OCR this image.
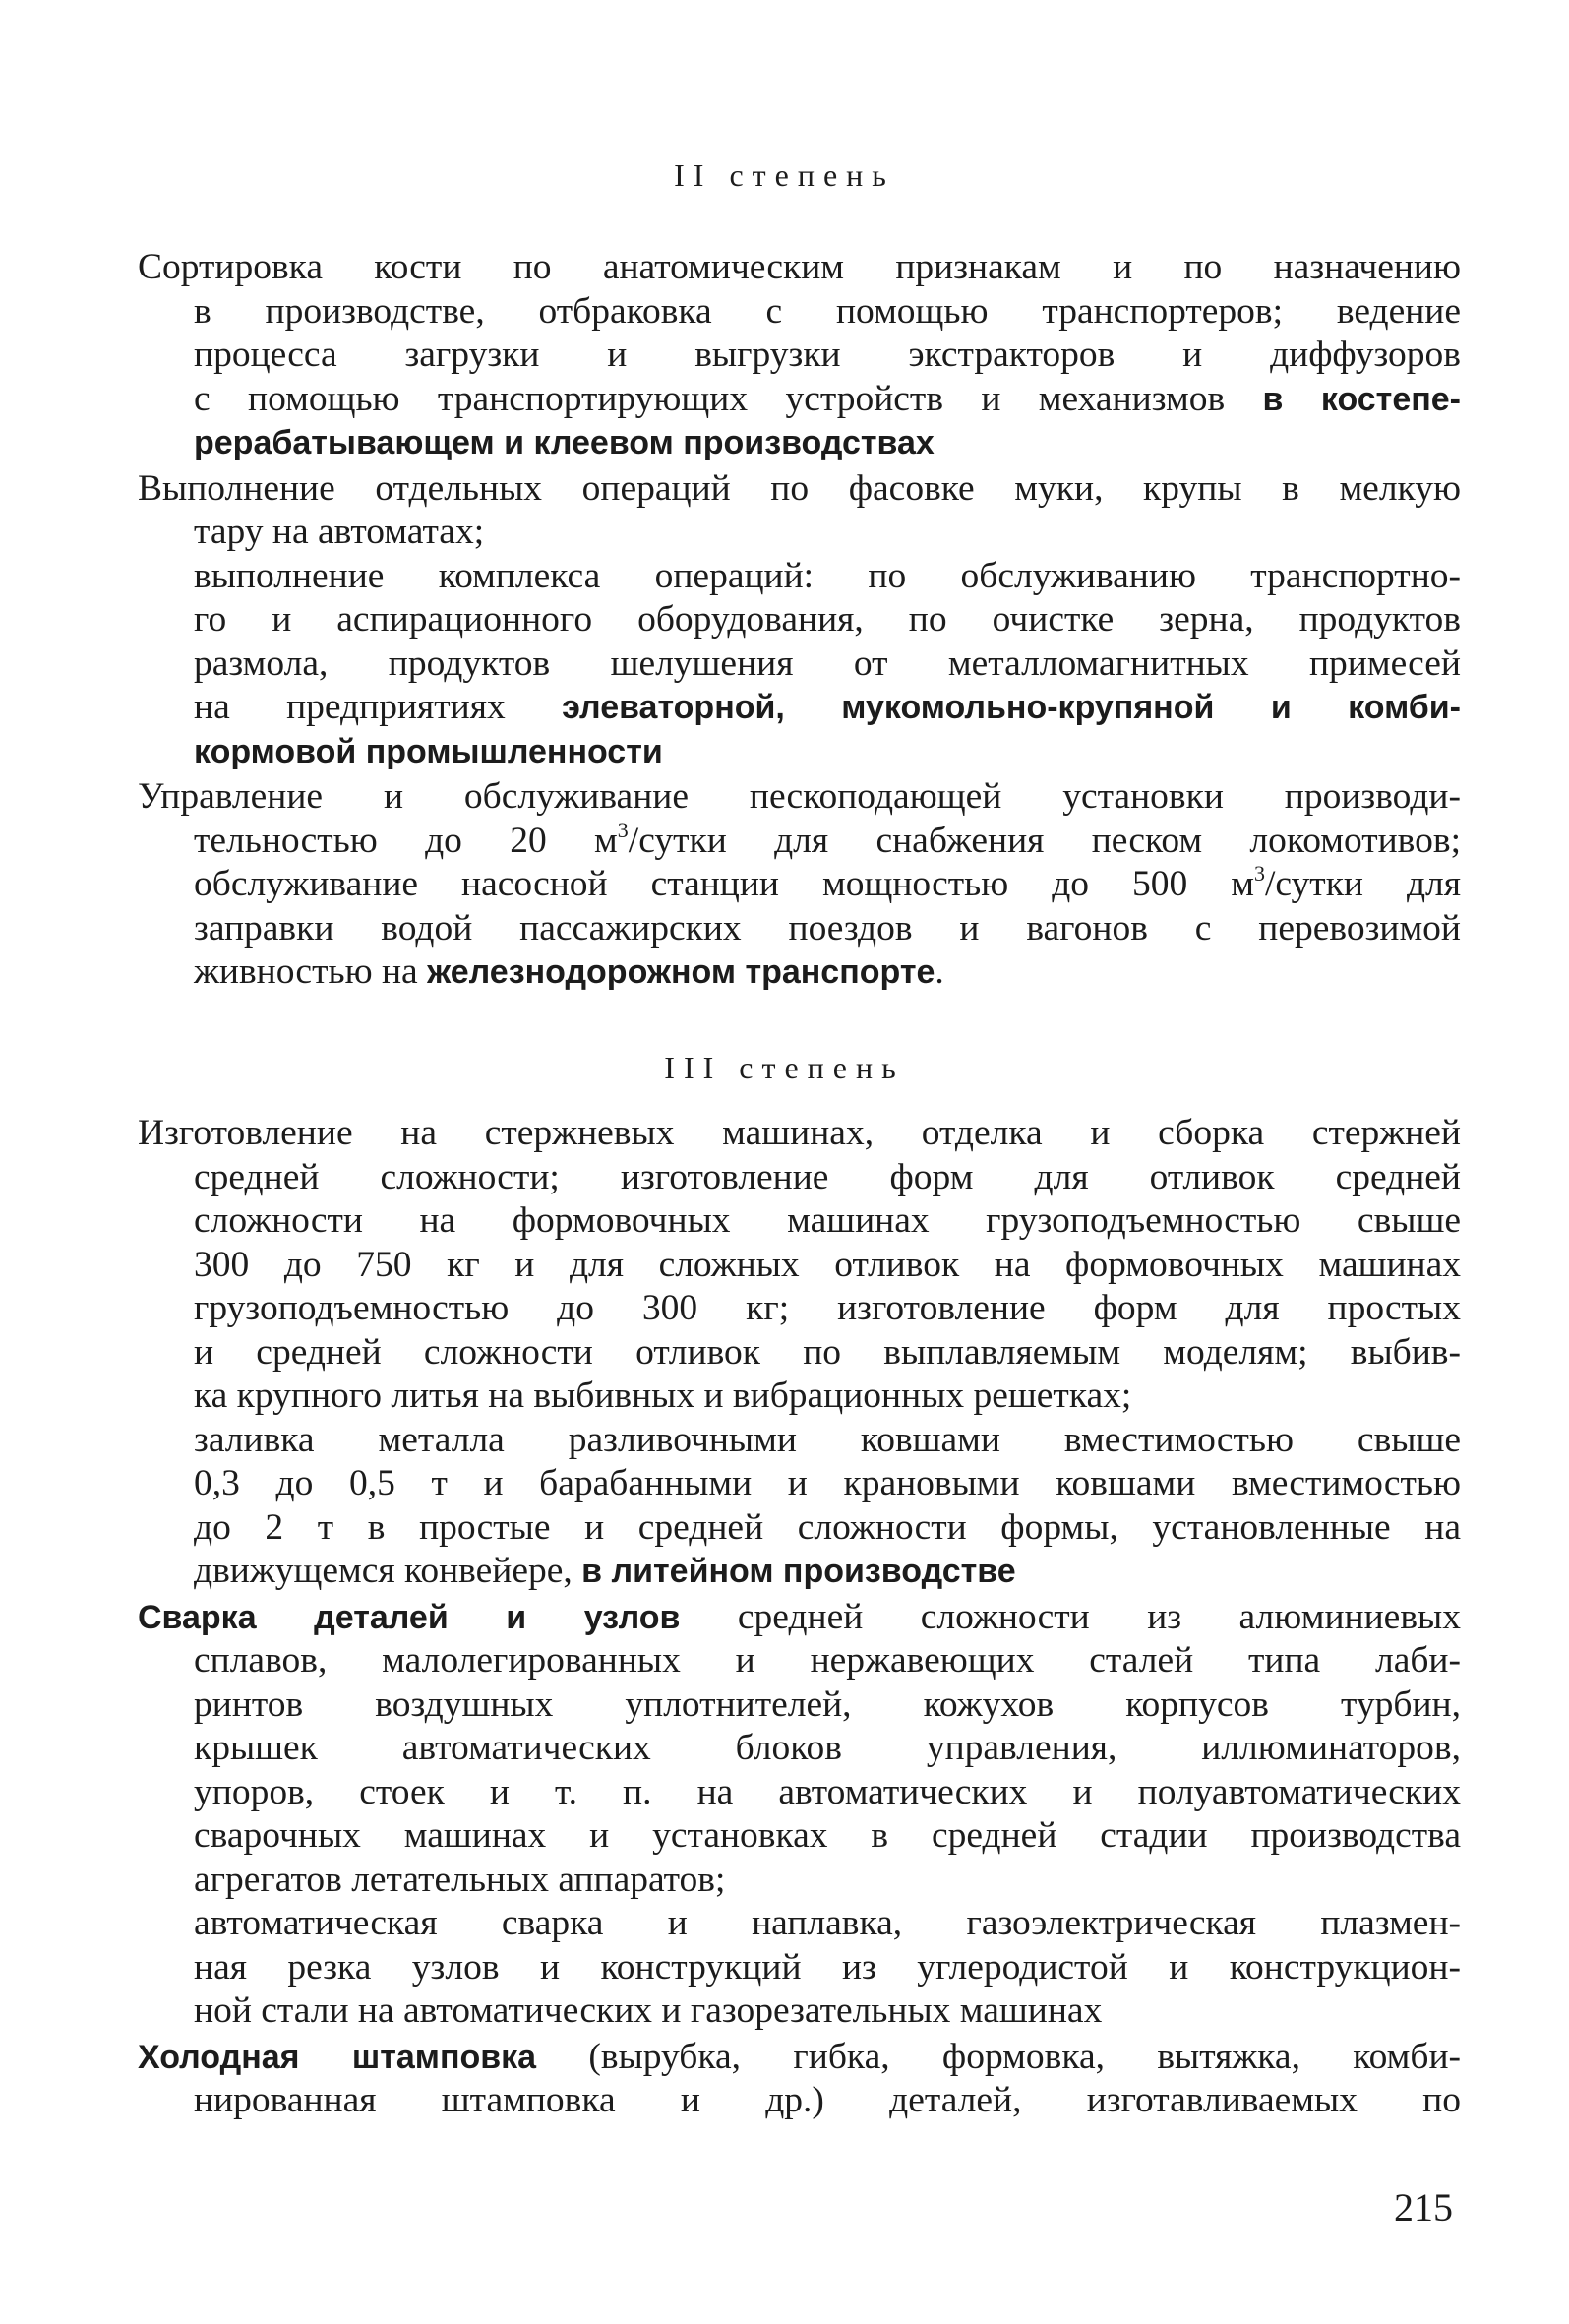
II степень

Сортировка кости по анатомическим признакам и по назначению
в производстве, отбраковка с помощью транспортеров; ведение
процесса загрузки и выгрузки экстракторов и диффузоров
с помощью транспортирующих устройств и механизмов в костепе-
рерабатывающем и клеевом производствах
Выполнение отдельных операций по фасовке муки, крупы в мелкую
тару на автоматах;
выполнение комплекса операций: по обслуживанию транспортно-
го и аспирационного оборудования, по очистке зерна, продуктов
размола, продуктов шелушения от металломагнитных примесей
на предприятиях элеваторной, мукомольно-крупяной и комби-
кормовой промышленности
Управление и обслуживание пескоподающей установки производи-
тельностью до 20 $м^3$/сутки для снабжения песком локомотивов;
обслуживание насосной станции мощностью до 500 $м^3$/сутки для
заправки водой пассажирских поездов и вагонов с перевозимой
живностью на железнодорожном транспорте.

III степень

Изготовление на стержневых машинах, отделка и сборка стержней
средней сложности; изготовление форм для отливок средней
сложности на формовочных машинах грузоподъемностью свыше
300 до 750 кг и для сложных отливок на формовочных машинах
грузоподъемностью до 300 кг; изготовление форм для простых
и средней сложности отливок по выплавляемым моделям; выбив-
ка крупного литья на выбивных и вибрационных решетках;
заливка металла разливочными ковшами вместимостью свыше
0,3 до 0,5 т и барабанными и крановыми ковшами вместимостью
до 2 т в простые и средней сложности формы, установленные на
движущемся конвейере, в литейном производстве
Сварка деталей и узлов средней сложности из алюминиевых
сплавов, малолегированных и нержавеющих сталей типа лаби-
ринтов воздушных уплотнителей, кожухов корпусов турбин,
крышек автоматических блоков управления, иллюминаторов,
упоров, стоек и т. п. на автоматических и полуавтоматических
сварочных машинах и установках в средней стадии производства
агрегатов летательных аппаратов;
автоматическая сварка и наплавка, газоэлектрическая плазмен-
ная резка узлов и конструкций из углеродистой и конструкцион-
ной стали на автоматических и газорезательных машинах
Холодная штамповка (вырубка, гибка, формовка, вытяжка, комби-
нированная штамповка и др.) деталей, изготавливаемых по
215
